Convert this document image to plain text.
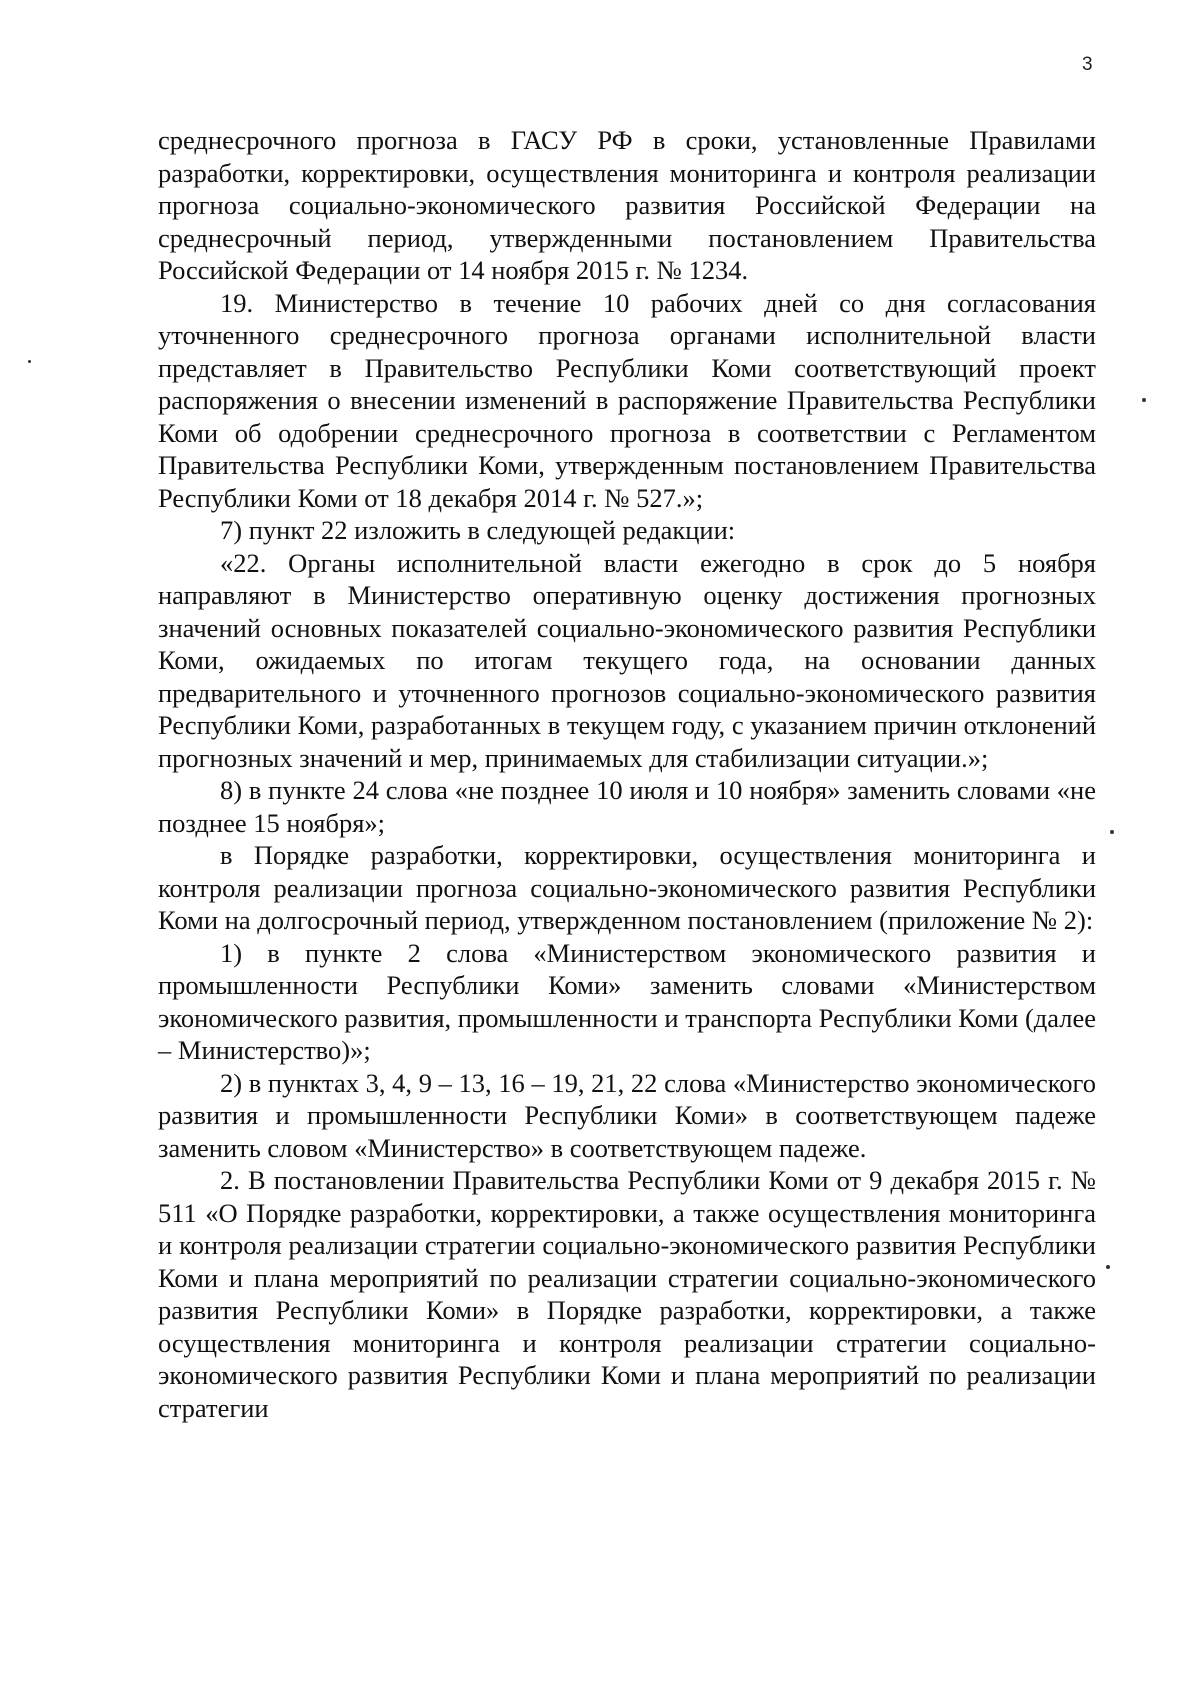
3

среднесрочного прогноза в ГАСУ РФ в сроки, установленные Правилами разработки, корректировки, осуществления мониторинга и контроля реализации прогноза социально-экономического развития Российской Федерации на среднесрочный период, утвержденными постановлением Правительства Российской Федерации от 14 ноября 2015 г. № 1234.

19. Министерство в течение 10 рабочих дней со дня согласования уточненного среднесрочного прогноза органами исполнительной власти представляет в Правительство Республики Коми соответствующий проект распоряжения о внесении изменений в распоряжение Правительства Республики Коми об одобрении среднесрочного прогноза в соответствии с Регламентом Правительства Республики Коми, утвержденным постановлением Правительства Республики Коми от 18 декабря 2014 г. № 527.»;

7) пункт 22 изложить в следующей редакции:

«22. Органы исполнительной власти ежегодно в срок до 5 ноября направляют в Министерство оперативную оценку достижения прогнозных значений основных показателей социально-экономического развития Республики Коми, ожидаемых по итогам текущего года, на основании данных предварительного и уточненного прогнозов социально-экономического развития Республики Коми, разработанных в текущем году, с указанием причин отклонений прогнозных значений и мер, принимаемых для стабилизации ситуации.»;

8) в пункте 24 слова «не позднее 10 июля и 10 ноября» заменить словами «не позднее 15 ноября»;

в Порядке разработки, корректировки, осуществления мониторинга и контроля реализации прогноза социально-экономического развития Республики Коми на долгосрочный период, утвержденном постановлением (приложение № 2):

1) в пункте 2 слова «Министерством экономического развития и промышленности Республики Коми» заменить словами «Министерством экономического развития, промышленности и транспорта Республики Коми (далее – Министерство)»;

2) в пунктах 3, 4, 9 – 13, 16 – 19, 21, 22 слова «Министерство экономического развития и промышленности Республики Коми» в соответствующем падеже заменить словом «Министерство» в соответствующем падеже.

2. В постановлении Правительства Республики Коми от 9 декабря 2015 г. № 511 «О Порядке разработки, корректировки, а также осуществления мониторинга и контроля реализации стратегии социально-экономического развития Республики Коми и плана мероприятий по реализации стратегии социально-экономического развития Республики Коми» в Порядке разработки, корректировки, а также осуществления мониторинга и контроля реализации стратегии социально-экономического развития Республики Коми и плана мероприятий по реализации стратегии
